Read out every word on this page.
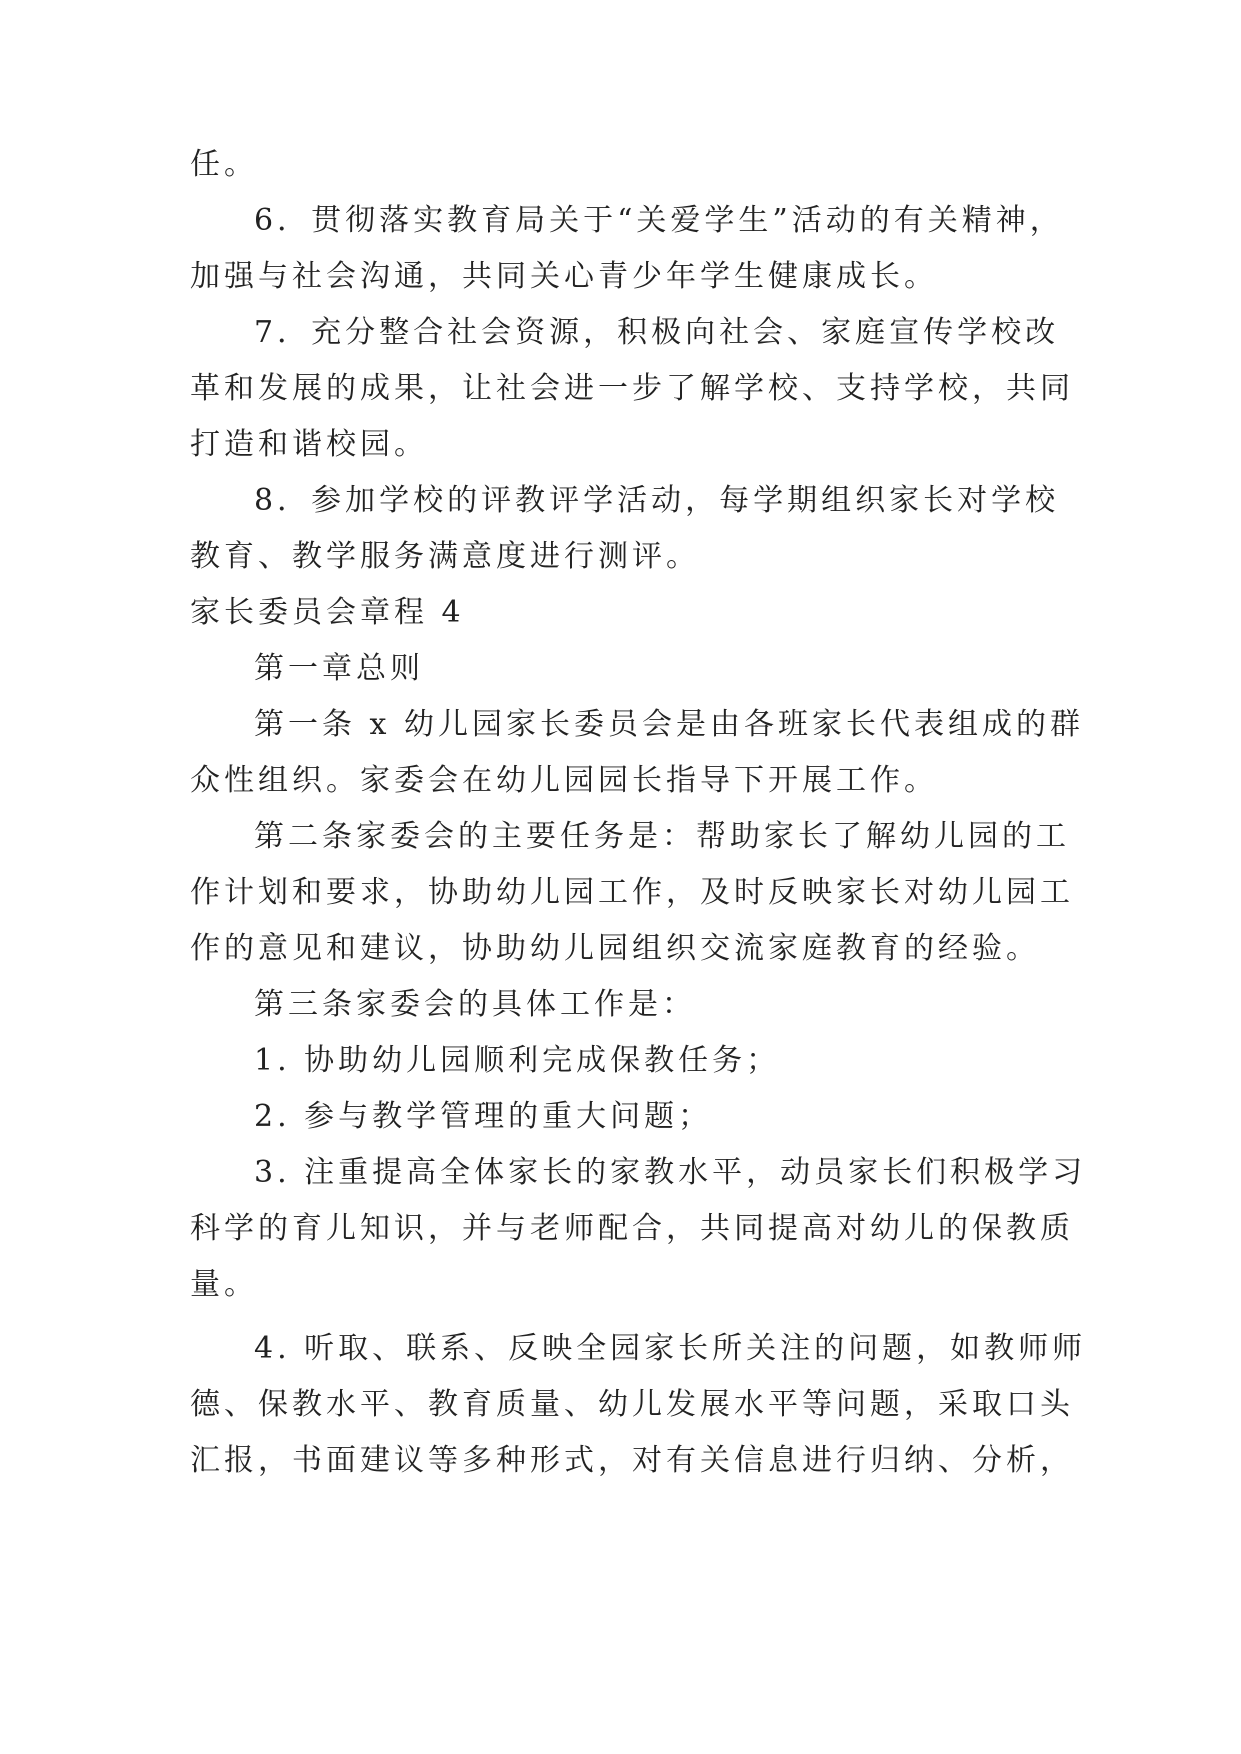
任。
6．贯彻落实教育局关于“关爱学生”活动的有关精神，
加强与社会沟通，共同关心青少年学生健康成长。
7．充分整合社会资源，积极向社会、家庭宣传学校改
革和发展的成果，让社会进一步了解学校、支持学校，共同
打造和谐校园。
8．参加学校的评教评学活动，每学期组织家长对学校
教育、教学服务满意度进行测评。
家长委员会章程 4
第一章总则
第一条 x 幼儿园家长委员会是由各班家长代表组成的群
众性组织。家委会在幼儿园园长指导下开展工作。
第二条家委会的主要任务是：帮助家长了解幼儿园的工
作计划和要求，协助幼儿园工作，及时反映家长对幼儿园工
作的意见和建议，协助幼儿园组织交流家庭教育的经验。
第三条家委会的具体工作是：
1. 协助幼儿园顺利完成保教任务；
2. 参与教学管理的重大问题；
3. 注重提高全体家长的家教水平，动员家长们积极学习
科学的育儿知识，并与老师配合，共同提高对幼儿的保教质
量。
4. 听取、联系、反映全园家长所关注的问题，如教师师
德、保教水平、教育质量、幼儿发展水平等问题，采取口头
汇报，书面建议等多种形式，对有关信息进行归纳、分析，
